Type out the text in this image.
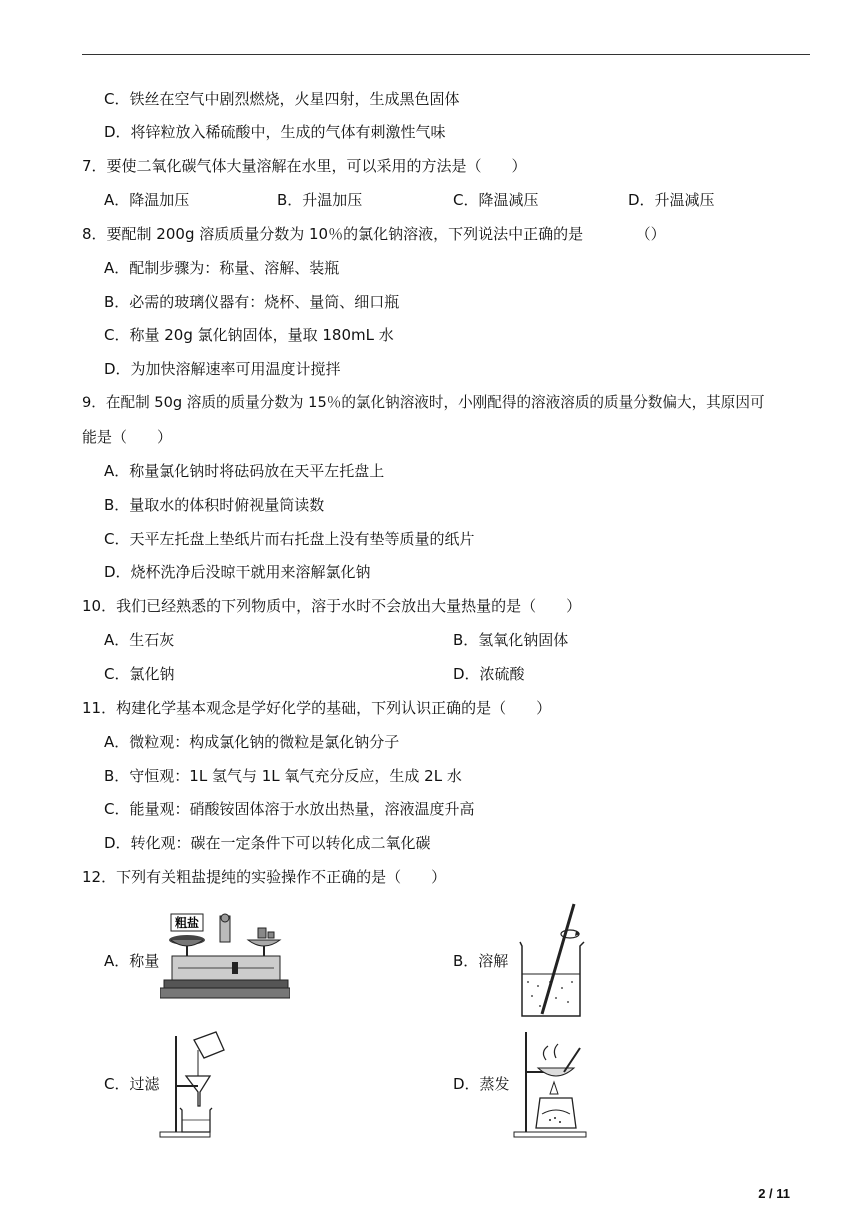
C．铁丝在空气中剧烈燃烧，火星四射，生成黑色固体
D．将锌粒放入稀硫酸中，生成的气体有刺激性气味
7．要使二氧化碳气体大量溶解在水里，可以采用的方法是（　　）
A．降温加压	B．升温加压	C．降温减压	D．升温减压
8．要配制 200g 溶质质量分数为 10％的氯化钠溶液，下列说法中正确的是　　　　（）
A．配制步骤为：称量、溶解、装瓶
B．必需的玻璃仪器有：烧杯、量筒、细口瓶
C．称量 20g 氯化钠固体，量取 180mL 水
D．为加快溶解速率可用温度计搅拌
9．在配制 50g 溶质的质量分数为 15％的氯化钠溶液时，小刚配得的溶液溶质的质量分数偏大，其原因可
能是（　　）
A．称量氯化钠时将砝码放在天平左托盘上
B．量取水的体积时俯视量筒读数
C．天平左托盘上垫纸片而右托盘上没有垫等质量的纸片
D．烧杯洗净后没晾干就用来溶解氯化钠
10．我们已经熟悉的下列物质中，溶于水时不会放出大量热量的是（　　）
A．生石灰	B．氢氧化钠固体
C．氯化钠	D．浓硫酸
11．构建化学基本观念是学好化学的基础，下列认识正确的是（　　）
A．微粒观：构成氯化钠的微粒是氯化钠分子
B．守恒观：1L 氢气与 1L 氧气充分反应，生成 2L 水
C．能量观：硝酸铵固体溶于水放出热量，溶液温度升高
D．转化观：碳在一定条件下可以转化成二氧化碳
12．下列有关粗盐提纯的实验操作不正确的是（　　）
A．称量	B．溶解
C．过滤	D．蒸发
粗盐
2 / 11
